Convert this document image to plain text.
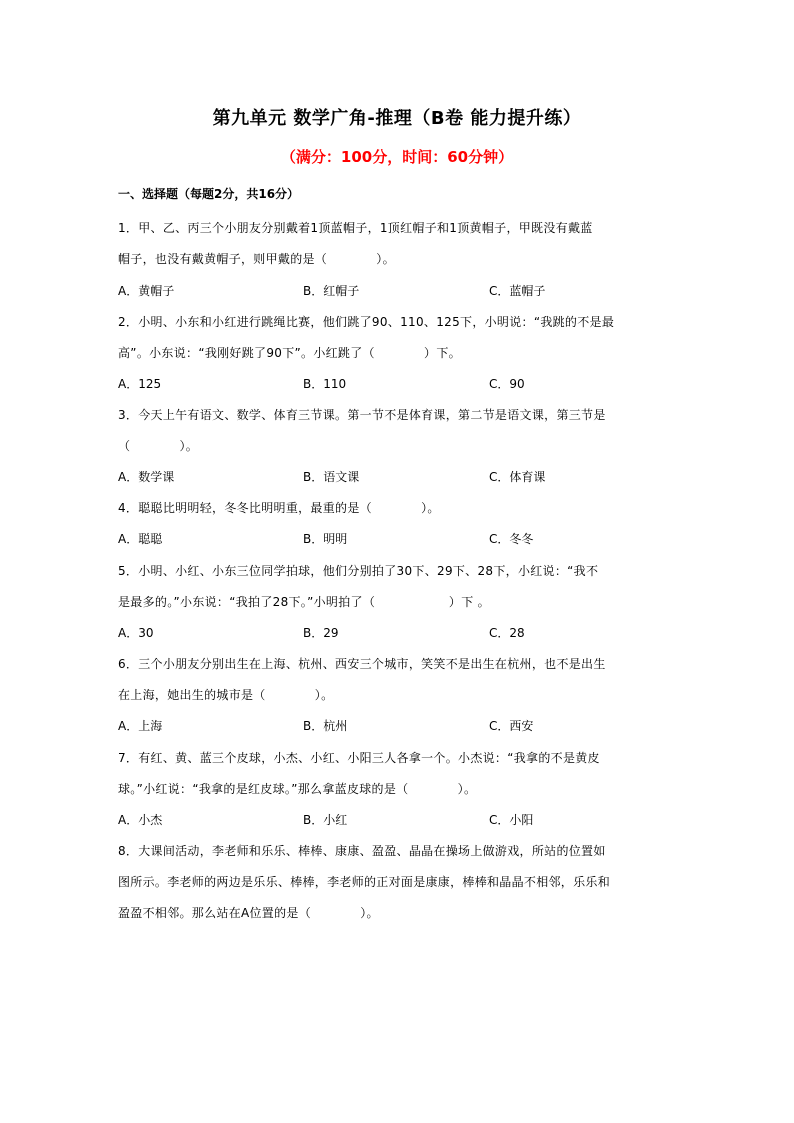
第九单元 数学广角-推理（B卷 能力提升练）
（满分：100分，时间：60分钟）
一、选择题（每题2分，共16分）
1．甲、乙、丙三个小朋友分别戴着1顶蓝帽子，1顶红帽子和1顶黄帽子，甲既没有戴蓝
帽子，也没有戴黄帽子，则甲戴的是（　　　　）。
A．黄帽子	B．红帽子	C．蓝帽子
2．小明、小东和小红进行跳绳比赛，他们跳了90、110、125下，小明说：“我跳的不是最
高”。小东说：“我刚好跳了90下”。小红跳了（　　　　）下。
A．125	B．110	C．90
3．今天上午有语文、数学、体育三节课。第一节不是体育课，第二节是语文课，第三节是
（　　　　）。
A．数学课	B．语文课	C．体育课
4．聪聪比明明轻，冬冬比明明重，最重的是（　　　　）。
A．聪聪	B．明明	C．冬冬
5．小明、小红、小东三位同学拍球，他们分别拍了30下、29下、28下，小红说：“我不
是最多的。”小东说：“我拍了28下。”小明拍了（　　　　　　）下 。
A．30	B．29	C．28
6．三个小朋友分别出生在上海、杭州、西安三个城市，笑笑不是出生在杭州，也不是出生
在上海，她出生的城市是（　　　　）。
A．上海	B．杭州	C．西安
7．有红、黄、蓝三个皮球，小杰、小红、小阳三人各拿一个。小杰说：“我拿的不是黄皮
球。”小红说：“我拿的是红皮球。”那么拿蓝皮球的是（　　　　）。
A．小杰	B．小红	C．小阳
8．大课间活动，李老师和乐乐、棒棒、康康、盈盈、晶晶在操场上做游戏，所站的位置如
图所示。李老师的两边是乐乐、棒棒，李老师的正对面是康康，棒棒和晶晶不相邻，乐乐和
盈盈不相邻。那么站在A位置的是（　　　　）。
